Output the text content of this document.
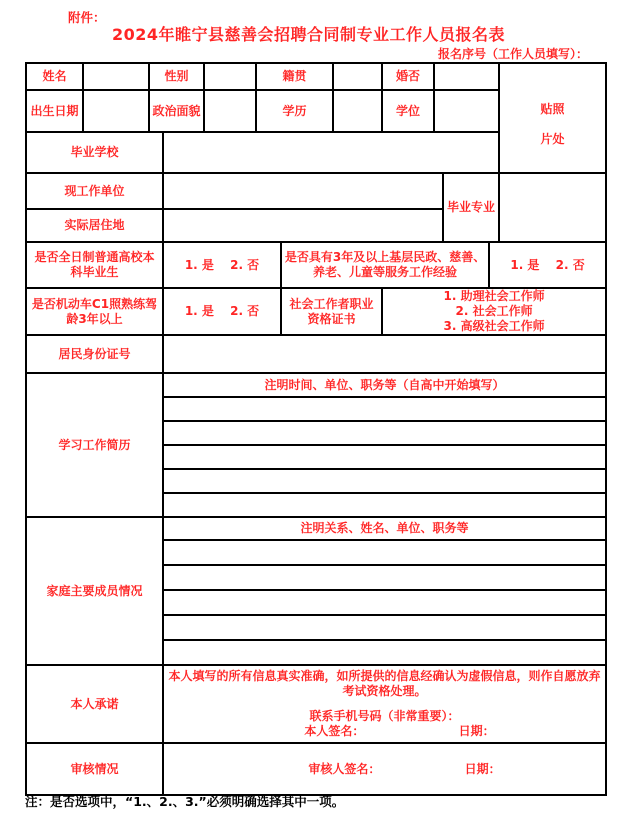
附件：
2024年睢宁县慈善会招聘合同制专业工作人员报名表
报名序号（工作人员填写）：
姓名		性别			籍贯			婚否				贴照
片处

出生日期		政治面貌			学历			学位				
毕业学校												
现工作单位										毕业专业		
实际居住地												
是否全日制普通高校本科毕业生			1. 是　 2. 否			是否具有3年及以上基层民政、慈善、养老、儿童等服务工作经验					1. 是　 2. 否	
是否机动车C1照熟练驾龄3年以上			1. 是　 2. 否			社会工作者职业资格证书		1. 助理社会工作师
2. 社会工作师
3. 高级社会工作师				

居民身份证号												
学习工作简历			注明时间、单位、职务等（自高中开始填写）									

家庭主要成员情况			注明关系、姓名、单位、职务等									

本人承诺			本人填写的所有信息真实准确，如所提供的信息经确认为虚假信息，则作自愿放弃考试资格处理。
联系手机号码（非常重要）：
本人签名： 日期：									

审核情况			审核人签名： 日期：									
注：是否选项中，“1.、2.、3.”必须明确选择其中一项。
